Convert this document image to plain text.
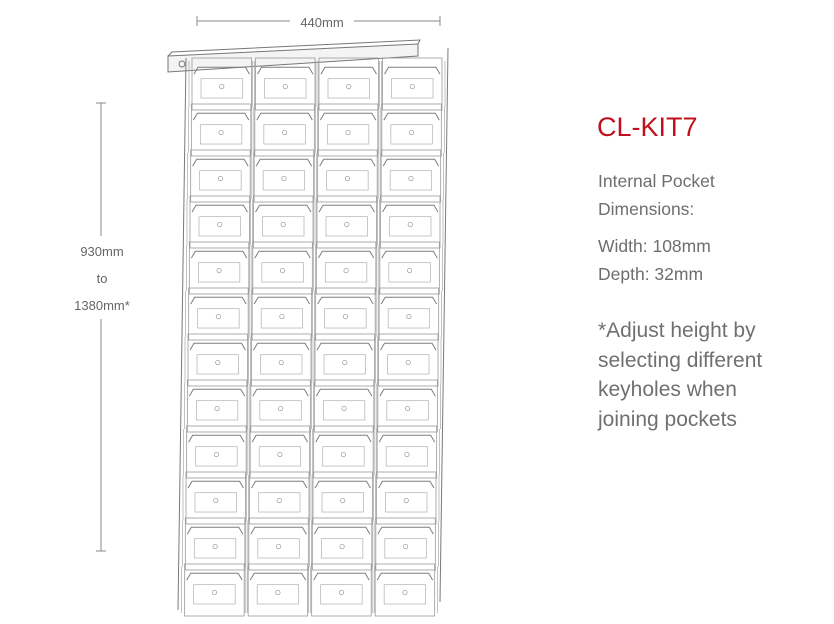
440mm
930mm
to
1380mm*
CL-KIT7
Internal Pocket
Dimensions:
Width: 108mm
Depth: 32mm
*Adjust height by
selecting different
keyholes when
joining pockets
